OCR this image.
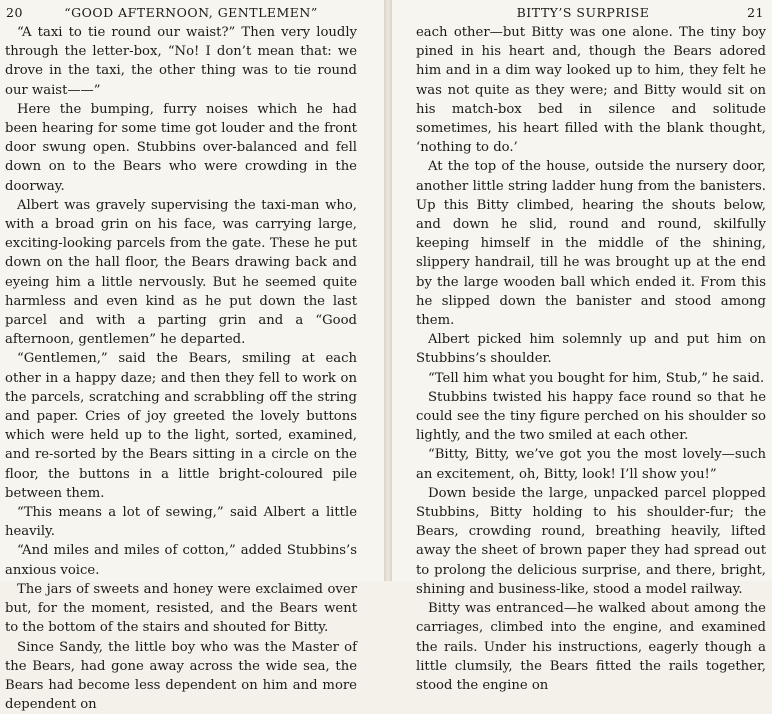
20	“GOOD AFTERNOON, GENTLEMEN”

“A taxi to tie round our waist?” Then very loudly through the letter-box, “No! I don’t mean that: we drove in the taxi, the other thing was to tie round our waist——”

Here the bumping, furry noises which he had been hearing for some time got louder and the front door swung open. Stubbins over-balanced and fell down on to the Bears who were crowding in the doorway.

Albert was gravely supervising the taxi-man who, with a broad grin on his face, was carrying large, exciting-looking parcels from the gate. These he put down on the hall floor, the Bears drawing back and eyeing him a little nervously. But he seemed quite harmless and even kind as he put down the last parcel and with a parting grin and a “Good afternoon, gentlemen” he departed.

“Gentlemen,” said the Bears, smiling at each other in a happy daze; and then they fell to work on the parcels, scratching and scrabbling off the string and paper. Cries of joy greeted the lovely buttons which were held up to the light, sorted, examined, and re-sorted by the Bears sitting in a circle on the floor, the buttons in a little bright-coloured pile between them.

“This means a lot of sewing,” said Albert a little heavily.

“And miles and miles of cotton,” added Stubbins’s anxious voice.

The jars of sweets and honey were exclaimed over but, for the moment, resisted, and the Bears went to the bottom of the stairs and shouted for Bitty.

Since Sandy, the little boy who was the Master of the Bears, had gone away across the wide sea, the Bears had become less dependent on him and more dependent on

BITTY’S SURPRISE	21

each other—but Bitty was one alone. The tiny boy pined in his heart and, though the Bears adored him and in a dim way looked up to him, they felt he was not quite as they were; and Bitty would sit on his match-box bed in silence and solitude sometimes, his heart filled with the blank thought, ‘nothing to do.’

At the top of the house, outside the nursery door, another little string ladder hung from the banisters. Up this Bitty climbed, hearing the shouts below, and down he slid, round and round, skilfully keeping himself in the middle of the shining, slippery handrail, till he was brought up at the end by the large wooden ball which ended it. From this he slipped down the banister and stood among them.

Albert picked him solemnly up and put him on Stubbins’s shoulder.

“Tell him what you bought for him, Stub,” he said.

Stubbins twisted his happy face round so that he could see the tiny figure perched on his shoulder so lightly, and the two smiled at each other.

“Bitty, Bitty, we’ve got you the most lovely—such an excitement, oh, Bitty, look! I’ll show you!”

Down beside the large, unpacked parcel plopped Stubbins, Bitty holding to his shoulder-fur; the Bears, crowding round, breathing heavily, lifted away the sheet of brown paper they had spread out to prolong the delicious surprise, and there, bright, shining and business-like, stood a model railway.

Bitty was entranced—he walked about among the carriages, climbed into the engine, and examined the rails. Under his instructions, eagerly though a little clumsily, the Bears fitted the rails together, stood the engine on
